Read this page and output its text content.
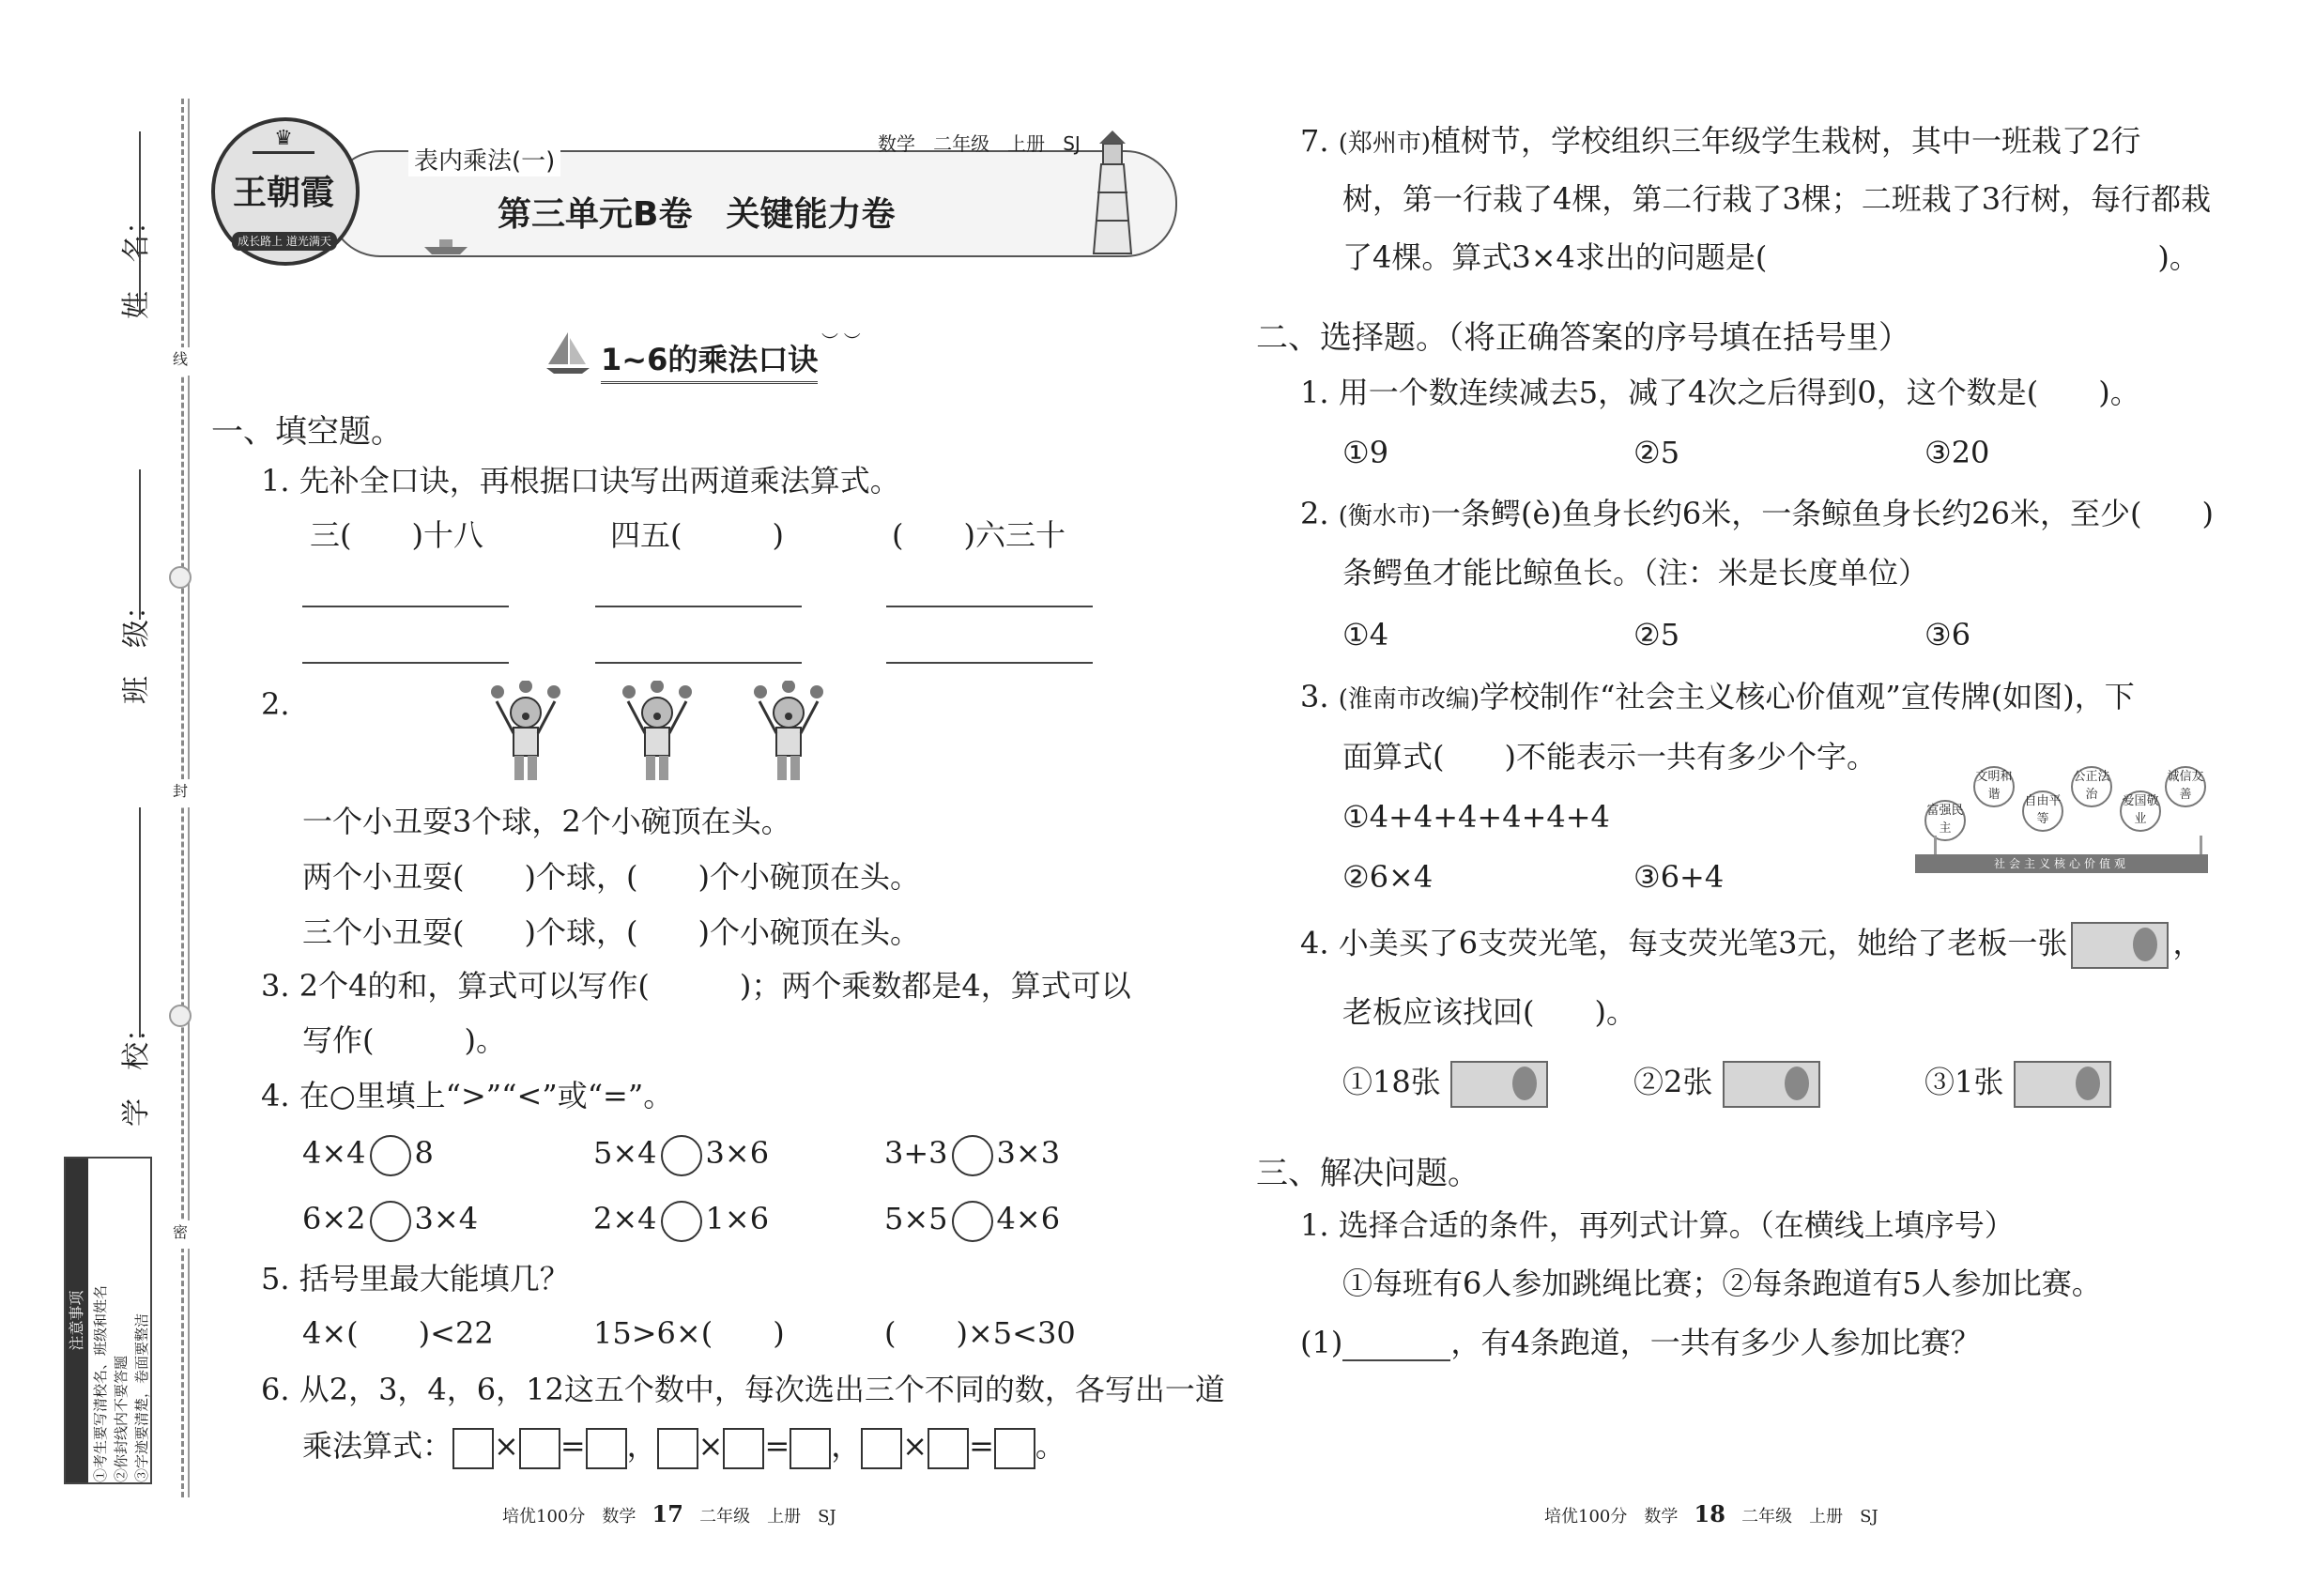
姓　名：
班　级：
学　校：
线
封
密
注意事项 ①考生要写清校名、班级和姓名 ②你封线内不要答题 ③字迹要清楚，卷面要整洁
♛
王朝霞
成长路上 道光满天
表内乘法(一)
数学 二年级 上册 SJ
第三单元B卷　关键能力卷
1~6的乘法口诀 ︶ ︶
一、填空题。
1. 先补全口诀，再根据口诀写出两道乘法算式。
三(　　)十八	四五(　　　)	(　　)六三十
2.
一个小丑耍3个球，2个小碗顶在头。
两个小丑耍(　　)个球，(　　)个小碗顶在头。
三个小丑耍(　　)个球，(　　)个小碗顶在头。
3. 2个4的和，算式可以写作(　　　)；两个乘数都是4，算式可以
写作(　　　)。
4. 在○里填上“>”“<”或“=”。
4×4 8	5×4 3×6	3+3 3×3
6×2 3×4	2×4 1×6	5×5 4×6
5. 括号里最大能填几？
4×(　　)<22	15>6×(　　)	(　　)×5<30
6. 从2，3，4，6，12这五个数中，每次选出三个不同的数，各写出一道
乘法算式： × = ， × = ， × = 。
培优100分　数学 17 二年级　上册　SJ
7. (郑州市)植树节，学校组织三年级学生栽树，其中一班栽了2行
树，第一行栽了4棵，第二行栽了3棵；二班栽了3行树，每行都栽
了4棵。算式3×4求出的问题是(　　　　　　　　　　　　　)。
二、选择题。（将正确答案的序号填在括号里）
1. 用一个数连续减去5，减了4次之后得到0，这个数是(　　)。
①9	②5	③20
2. (衡水市)一条鳄(è)鱼身长约6米，一条鲸鱼身长约26米，至少(　　)
条鳄鱼才能比鲸鱼长。（注：米是长度单位）
①4	②5	③6
3. (淮南市改编)学校制作“社会主义核心价值观”宣传牌(如图)，下
面算式(　　)不能表示一共有多少个字。
①4+4+4+4+4+4
②6×4	③6+4
富强民主
文明和谐	自由平等
公正法治	爱国敬业
诚信友善
社会主义核心价值观
4. 小美买了6支荧光笔，每支荧光笔3元，她给了老板一张	，
老板应该找回(　　)。
①18张	②2张	③1张
三、解决问题。
1. 选择合适的条件，再列式计算。（在横线上填序号）
①每班有6人参加跳绳比赛；②每条跑道有5人参加比赛。
(1)	，有4条跑道，一共有多少人参加比赛？
培优100分　数学 18 二年级　上册　SJ
